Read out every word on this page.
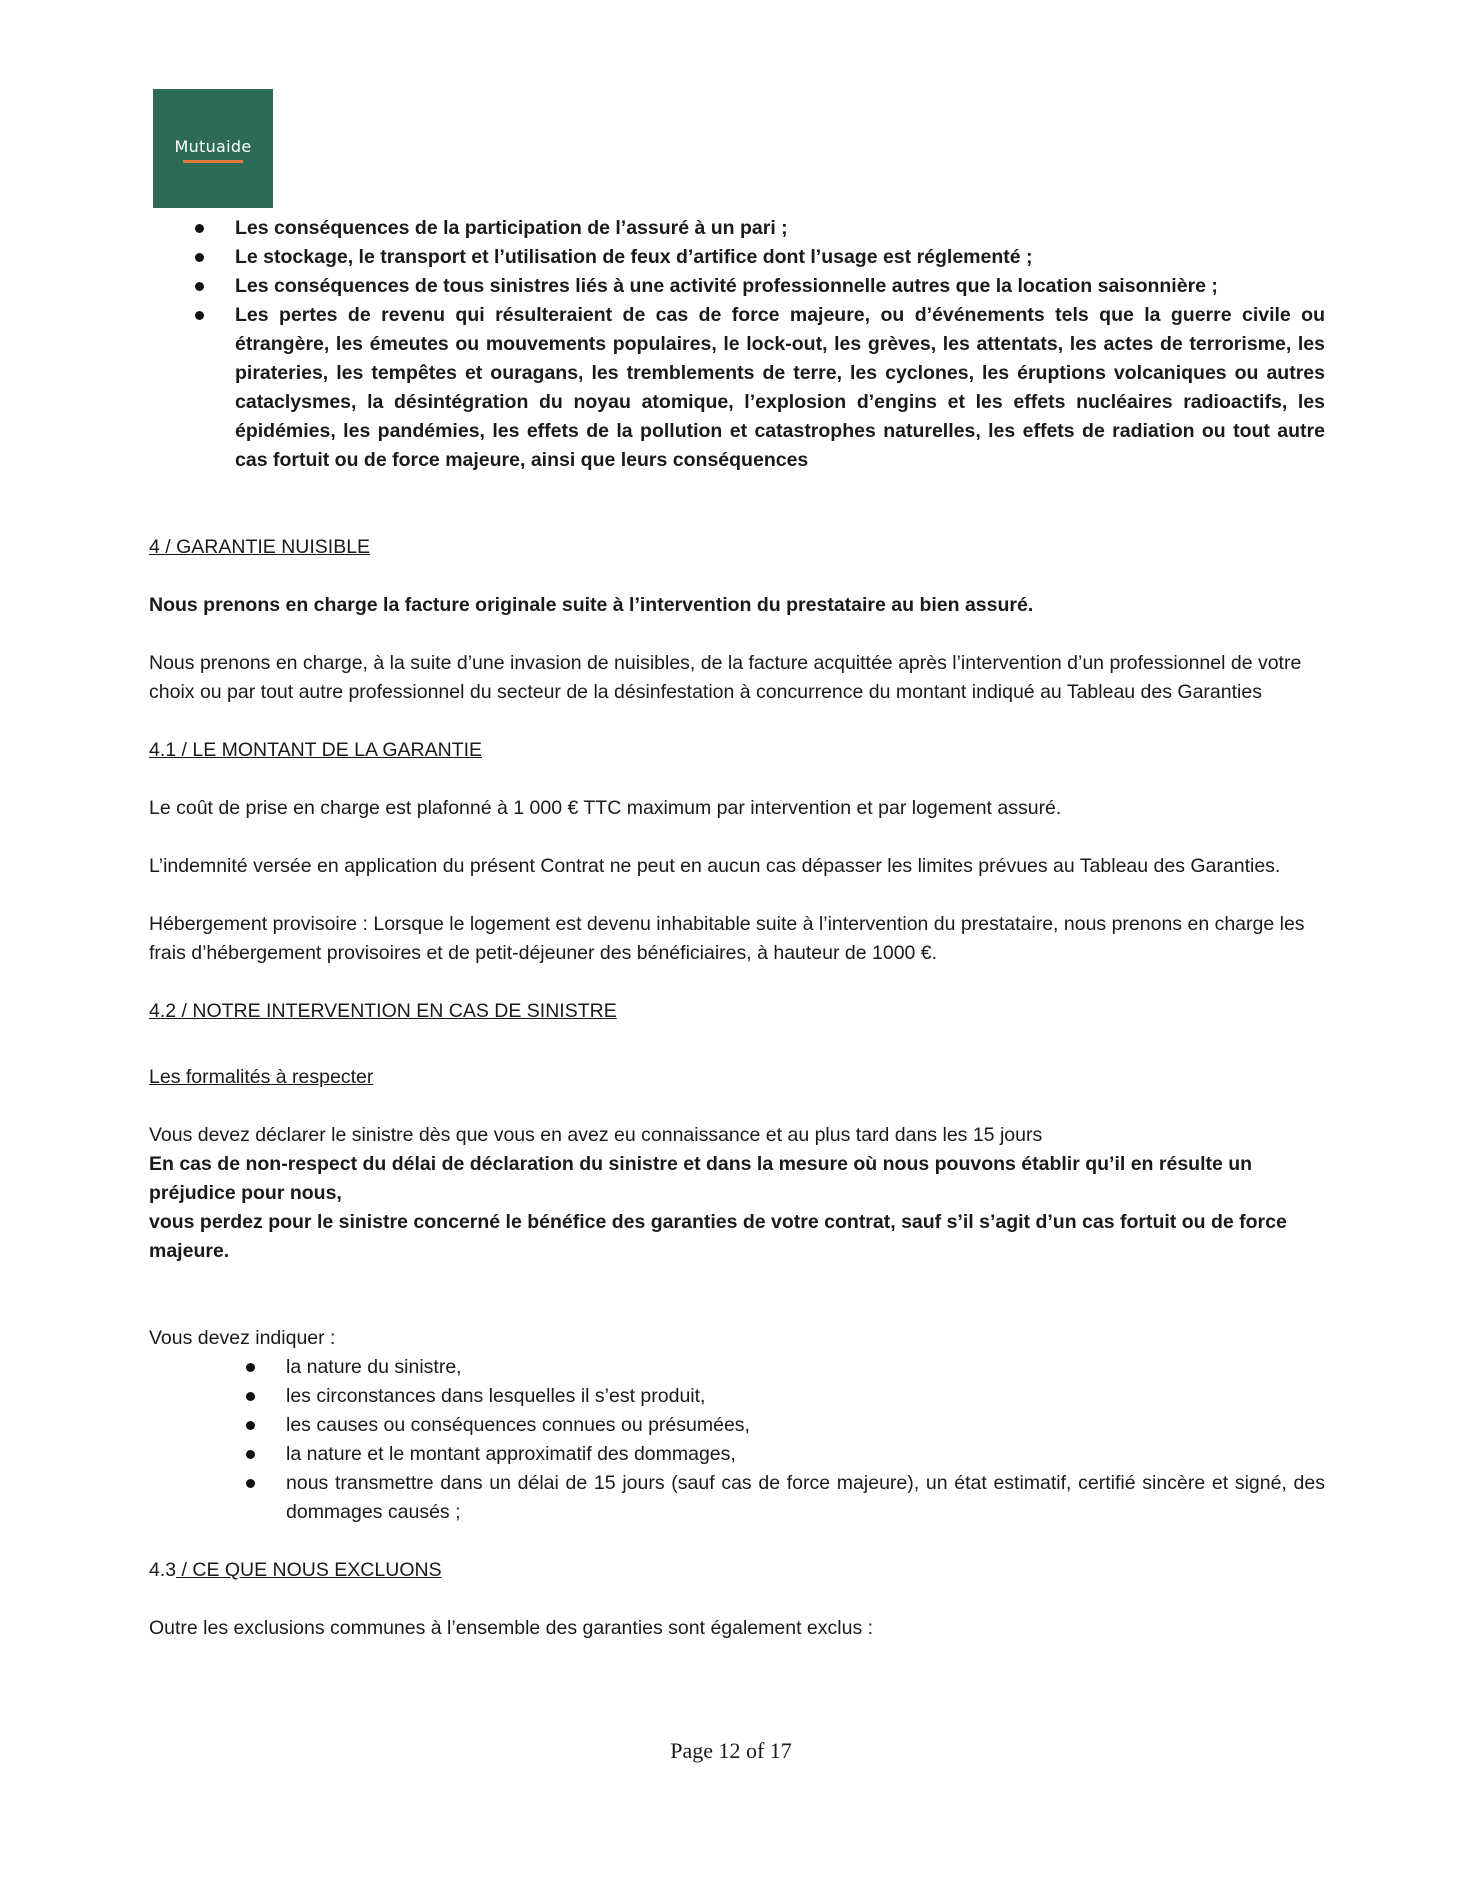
Mutuaide
Les conséquences de la participation de l’assuré à un pari ;
Le stockage, le transport et l’utilisation de feux d’artifice dont l’usage est réglementé ;
Les conséquences de tous sinistres liés à une activité professionnelle autres que la location saisonnière ;
Les pertes de revenu qui résulteraient de cas de force majeure, ou d’événements tels que la guerre civile ou étrangère, les émeutes ou mouvements populaires, le lock-out, les grèves, les attentats, les actes de terrorisme, les pirateries, les tempêtes et ouragans, les tremblements de terre, les cyclones, les éruptions volcaniques ou autres cataclysmes, la désintégration du noyau atomique, l’explosion d’engins et les effets nucléaires radioactifs, les épidémies, les pandémies, les effets de la pollution et catastrophes naturelles, les effets de radiation ou tout autre cas fortuit ou de force majeure, ainsi que leurs conséquences

4 / GARANTIE NUISIBLE

Nous prenons en charge la facture originale suite à l’intervention du prestataire au bien assuré.

Nous prenons en charge, à la suite d’une invasion de nuisibles, de la facture acquittée après l’intervention d’un professionnel de votre choix ou par tout autre professionnel du secteur de la désinfestation à concurrence du montant indiqué au Tableau des Garanties

4.1 / LE MONTANT DE LA GARANTIE

Le coût de prise en charge est plafonné à 1 000 € TTC maximum par intervention et par logement assuré.

L’indemnité versée en application du présent Contrat ne peut en aucun cas dépasser les limites prévues au Tableau des Garanties.

Hébergement provisoire : Lorsque le logement est devenu inhabitable suite à l’intervention du prestataire, nous prenons en charge les frais d’hébergement provisoires et de petit-déjeuner des bénéficiaires, à hauteur de 1000 €.

4.2 / NOTRE INTERVENTION EN CAS DE SINISTRE

Les formalités à respecter

Vous devez déclarer le sinistre dès que vous en avez eu connaissance et au plus tard dans les 15 jours

En cas de non-respect du délai de déclaration du sinistre et dans la mesure où nous pouvons établir qu’il en résulte un préjudice pour nous,

vous perdez pour le sinistre concerné le bénéfice des garanties de votre contrat, sauf s’il s’agit d’un cas fortuit ou de force majeure.

Vous devez indiquer :

la nature du sinistre,
les circonstances dans lesquelles il s’est produit,
les causes ou conséquences connues ou présumées,
la nature et le montant approximatif des dommages,
nous transmettre dans un délai de 15 jours (sauf cas de force majeure), un état estimatif, certifié sincère et signé, des dommages causés ;

4.3 / CE QUE NOUS EXCLUONS

Outre les exclusions communes à l’ensemble des garanties sont également exclus :

Page 12 of 17
